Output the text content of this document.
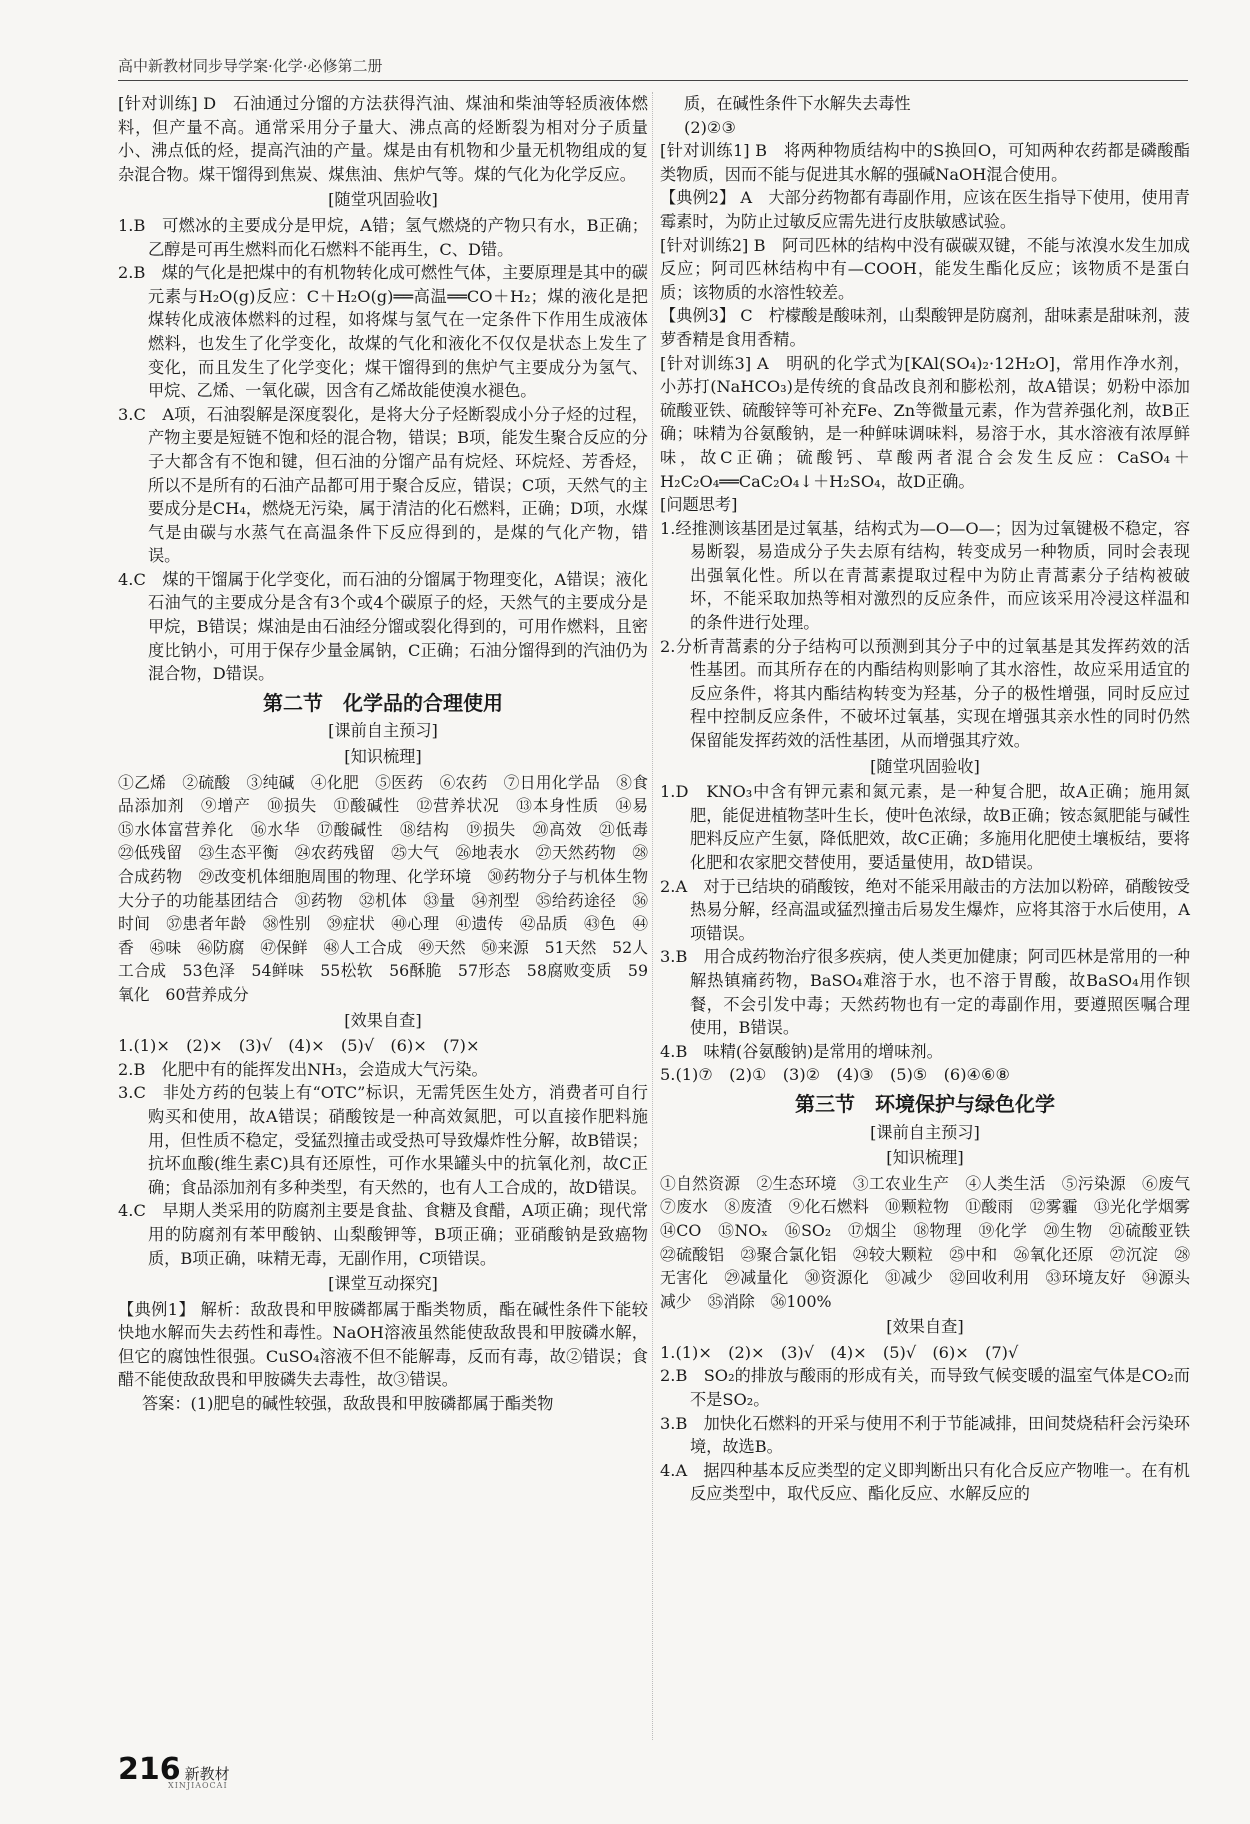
高中新教材同步导学案·化学·必修第二册
[针对训练] D　石油通过分馏的方法获得汽油、煤油和柴油等轻质液体燃料，但产量不高。通常采用分子量大、沸点高的烃断裂为相对分子质量小、沸点低的烃，提高汽油的产量。煤是由有机物和少量无机物组成的复杂混合物。煤干馏得到焦炭、煤焦油、焦炉气等。煤的气化为化学反应。
[随堂巩固验收]
1.B　可燃冰的主要成分是甲烷，A错；氢气燃烧的产物只有水，B正确；乙醇是可再生燃料而化石燃料不能再生，C、D错。
2.B　煤的气化是把煤中的有机物转化成可燃性气体，主要原理是其中的碳元素与H₂O(g)反应：C＋H₂O(g)══高温══CO＋H₂；煤的液化是把煤转化成液体燃料的过程，如将煤与氢气在一定条件下作用生成液体燃料，也发生了化学变化，故煤的气化和液化不仅仅是状态上发生了变化，而且发生了化学变化；煤干馏得到的焦炉气主要成分为氢气、甲烷、乙烯、一氧化碳，因含有乙烯故能使溴水褪色。
3.C　A项，石油裂解是深度裂化，是将大分子烃断裂成小分子烃的过程，产物主要是短链不饱和烃的混合物，错误；B项，能发生聚合反应的分子大都含有不饱和键，但石油的分馏产品有烷烃、环烷烃、芳香烃，所以不是所有的石油产品都可用于聚合反应，错误；C项，天然气的主要成分是CH₄，燃烧无污染，属于清洁的化石燃料，正确；D项，水煤气是由碳与水蒸气在高温条件下反应得到的，是煤的气化产物，错误。
4.C　煤的干馏属于化学变化，而石油的分馏属于物理变化，A错误；液化石油气的主要成分是含有3个或4个碳原子的烃，天然气的主要成分是甲烷，B错误；煤油是由石油经分馏或裂化得到的，可用作燃料，且密度比钠小，可用于保存少量金属钠，C正确；石油分馏得到的汽油仍为混合物，D错误。
第二节　化学品的合理使用
[课前自主预习]
[知识梳理]
①乙烯　②硫酸　③纯碱　④化肥　⑤医药　⑥农药　⑦日用化学品　⑧食品添加剂　⑨增产　⑩损失　⑪酸碱性　⑫营养状况　⑬本身性质　⑭易　⑮水体富营养化　⑯水华　⑰酸碱性　⑱结构　⑲损失　⑳高效　㉑低毒　㉒低残留　㉓生态平衡　㉔农药残留　㉕大气　㉖地表水　㉗天然药物　㉘合成药物　㉙改变机体细胞周围的物理、化学环境　㉚药物分子与机体生物大分子的功能基团结合　㉛药物　㉜机体　㉝量　㉞剂型　㉟给药途径　㊱时间　㊲患者年龄　㊳性别　㊴症状　㊵心理　㊶遗传　㊷品质　㊸色　㊹香　㊺味　㊻防腐　㊼保鲜　㊽人工合成　㊾天然　㊿来源　51天然　52人工合成　53色泽　54鲜味　55松软　56酥脆　57形态　58腐败变质　59氧化　60营养成分
[效果自查]
1.(1)×　(2)×　(3)√　(4)×　(5)√　(6)×　(7)×
2.B　化肥中有的能挥发出NH₃，会造成大气污染。
3.C　非处方药的包装上有“OTC”标识，无需凭医生处方，消费者可自行购买和使用，故A错误；硝酸铵是一种高效氮肥，可以直接作肥料施用，但性质不稳定，受猛烈撞击或受热可导致爆炸性分解，故B错误；抗坏血酸(维生素C)具有还原性，可作水果罐头中的抗氧化剂，故C正确；食品添加剂有多种类型，有天然的，也有人工合成的，故D错误。
4.C　早期人类采用的防腐剂主要是食盐、食糖及食醋，A项正确；现代常用的防腐剂有苯甲酸钠、山梨酸钾等，B项正确；亚硝酸钠是致癌物质，B项正确，味精无毒，无副作用，C项错误。
[课堂互动探究]
【典例1】 解析：敌敌畏和甲胺磷都属于酯类物质，酯在碱性条件下能较快地水解而失去药性和毒性。NaOH溶液虽然能使敌敌畏和甲胺磷水解，但它的腐蚀性很强。CuSO₄溶液不但不能解毒，反而有毒，故②错误；食醋不能使敌敌畏和甲胺磷失去毒性，故③错误。
答案：(1)肥皂的碱性较强，敌敌畏和甲胺磷都属于酯类物
质，在碱性条件下水解失去毒性
(2)②③
[针对训练1] B　将两种物质结构中的S换回O，可知两种农药都是磷酸酯类物质，因而不能与促进其水解的强碱NaOH混合使用。
【典例2】 A　大部分药物都有毒副作用，应该在医生指导下使用，使用青霉素时，为防止过敏反应需先进行皮肤敏感试验。
[针对训练2] B　阿司匹林的结构中没有碳碳双键，不能与浓溴水发生加成反应；阿司匹林结构中有—COOH，能发生酯化反应；该物质不是蛋白质；该物质的水溶性较差。
【典例3】 C　柠檬酸是酸味剂，山梨酸钾是防腐剂，甜味素是甜味剂，菠萝香精是食用香精。
[针对训练3] A　明矾的化学式为[KAl(SO₄)₂·12H₂O]，常用作净水剂，小苏打(NaHCO₃)是传统的食品改良剂和膨松剂，故A错误；奶粉中添加硫酸亚铁、硫酸锌等可补充Fe、Zn等微量元素，作为营养强化剂，故B正确；味精为谷氨酸钠，是一种鲜味调味料，易溶于水，其水溶液有浓厚鲜味，故C正确；硫酸钙、草酸两者混合会发生反应：CaSO₄＋H₂C₂O₄══CaC₂O₄↓＋H₂SO₄，故D正确。
[问题思考]
1.经推测该基团是过氧基，结构式为—O—O—；因为过氧键极不稳定，容易断裂，易造成分子失去原有结构，转变成另一种物质，同时会表现出强氧化性。所以在青蒿素提取过程中为防止青蒿素分子结构被破坏，不能采取加热等相对激烈的反应条件，而应该采用冷浸这样温和的条件进行处理。
2.分析青蒿素的分子结构可以预测到其分子中的过氧基是其发挥药效的活性基团。而其所存在的内酯结构则影响了其水溶性，故应采用适宜的反应条件，将其内酯结构转变为羟基，分子的极性增强，同时反应过程中控制反应条件，不破坏过氧基，实现在增强其亲水性的同时仍然保留能发挥药效的活性基团，从而增强其疗效。
[随堂巩固验收]
1.D　KNO₃中含有钾元素和氮元素，是一种复合肥，故A正确；施用氮肥，能促进植物茎叶生长，使叶色浓绿，故B正确；铵态氮肥能与碱性肥料反应产生氨，降低肥效，故C正确；多施用化肥使土壤板结，要将化肥和农家肥交替使用，要适量使用，故D错误。
2.A　对于已结块的硝酸铵，绝对不能采用敲击的方法加以粉碎，硝酸铵受热易分解，经高温或猛烈撞击后易发生爆炸，应将其溶于水后使用，A项错误。
3.B　用合成药物治疗很多疾病，使人类更加健康；阿司匹林是常用的一种解热镇痛药物，BaSO₄难溶于水，也不溶于胃酸，故BaSO₄用作钡餐，不会引发中毒；天然药物也有一定的毒副作用，要遵照医嘱合理使用，B错误。
4.B　味精(谷氨酸钠)是常用的增味剂。
5.(1)⑦　(2)①　(3)②　(4)③　(5)⑤　(6)④⑥⑧
第三节　环境保护与绿色化学
[课前自主预习]
[知识梳理]
①自然资源　②生态环境　③工农业生产　④人类生活　⑤污染源　⑥废气　⑦废水　⑧废渣　⑨化石燃料　⑩颗粒物　⑪酸雨　⑫雾霾　⑬光化学烟雾　⑭CO　⑮NOₓ　⑯SO₂　⑰烟尘　⑱物理　⑲化学　⑳生物　㉑硫酸亚铁　㉒硫酸铝　㉓聚合氯化铝　㉔较大颗粒　㉕中和　㉖氧化还原　㉗沉淀　㉘无害化　㉙减量化　㉚资源化　㉛减少　㉜回收利用　㉝环境友好　㉞源头减少　㉟消除　㊱100%
[效果自查]
1.(1)×　(2)×　(3)√　(4)×　(5)√　(6)×　(7)√
2.B　SO₂的排放与酸雨的形成有关，而导致气候变暖的温室气体是CO₂而不是SO₂。
3.B　加快化石燃料的开采与使用不利于节能减排，田间焚烧秸秆会污染环境，故选B。
4.A　据四种基本反应类型的定义即判断出只有化合反应产物唯一。在有机反应类型中，取代反应、酯化反应、水解反应的
216 新教材
XINJIAOCAI
